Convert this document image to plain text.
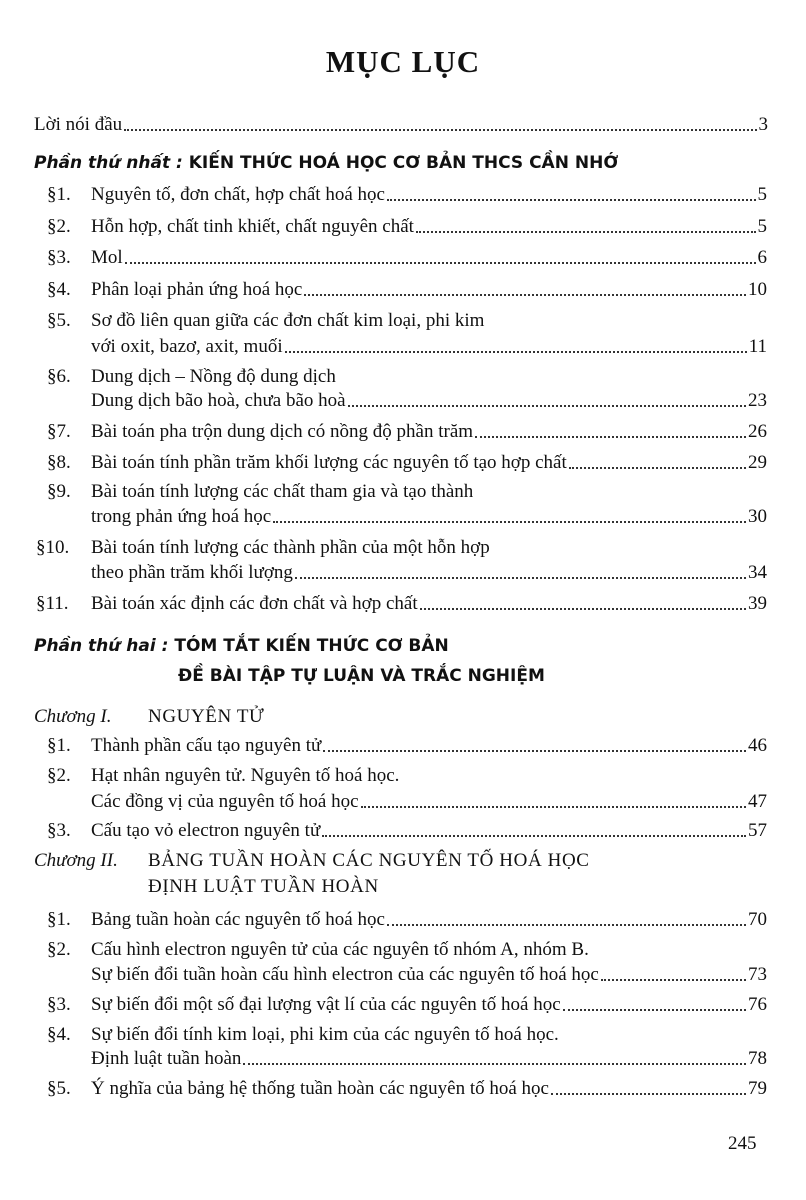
MỤC LỤC
Lời nói đầu	3
Phần thứ nhất : KIẾN THỨC HOÁ HỌC CƠ BẢN THCS CẦN NHỚ
§1. Nguyên tố, đơn chất, hợp chất hoá học	5
§2. Hỗn hợp, chất tinh khiết, chất nguyên chất	5
§3. Mol	6
§4. Phân loại phản ứng hoá học	10
§5. Sơ đồ liên quan giữa các đơn chất kim loại, phi kim
với oxit, bazơ, axit, muối	11
§6. Dung dịch – Nồng độ dung dịch
Dung dịch bão hoà, chưa bão hoà	23
§7. Bài toán pha trộn dung dịch có nồng độ phần trăm	26
§8. Bài toán tính phần trăm khối lượng các nguyên tố tạo hợp chất	29
§9. Bài toán tính lượng các chất tham gia và tạo thành
trong phản ứng hoá học	30
§10. Bài toán tính lượng các thành phần của một hỗn hợp
theo phần trăm khối lượng	34
§11. Bài toán xác định các đơn chất và hợp chất	39
Phần thứ hai : TÓM TẮT KIẾN THỨC CƠ BẢN
ĐỀ BÀI TẬP TỰ LUẬN VÀ TRẮC NGHIỆM
Chương I. NGUYÊN TỬ
§1. Thành phần cấu tạo nguyên tử	46
§2. Hạt nhân nguyên tử. Nguyên tố hoá học.
Các đồng vị của nguyên tố hoá học	47
§3. Cấu tạo vỏ electron nguyên tử	57
Chương II. BẢNG TUẦN HOÀN CÁC NGUYÊN TỐ HOÁ HỌC
ĐỊNH LUẬT TUẦN HOÀN
§1. Bảng tuần hoàn các nguyên tố hoá học	70
§2. Cấu hình electron nguyên tử của các nguyên tố nhóm A, nhóm B.
Sự biến đổi tuần hoàn cấu hình electron của các nguyên tố hoá học	73
§3. Sự biến đổi một số đại lượng vật lí của các nguyên tố hoá học	76
§4. Sự biến đổi tính kim loại, phi kim của các nguyên tố hoá học.
Định luật tuần hoàn	78
§5. Ý nghĩa của bảng hệ thống tuần hoàn các nguyên tố hoá học	79
245
